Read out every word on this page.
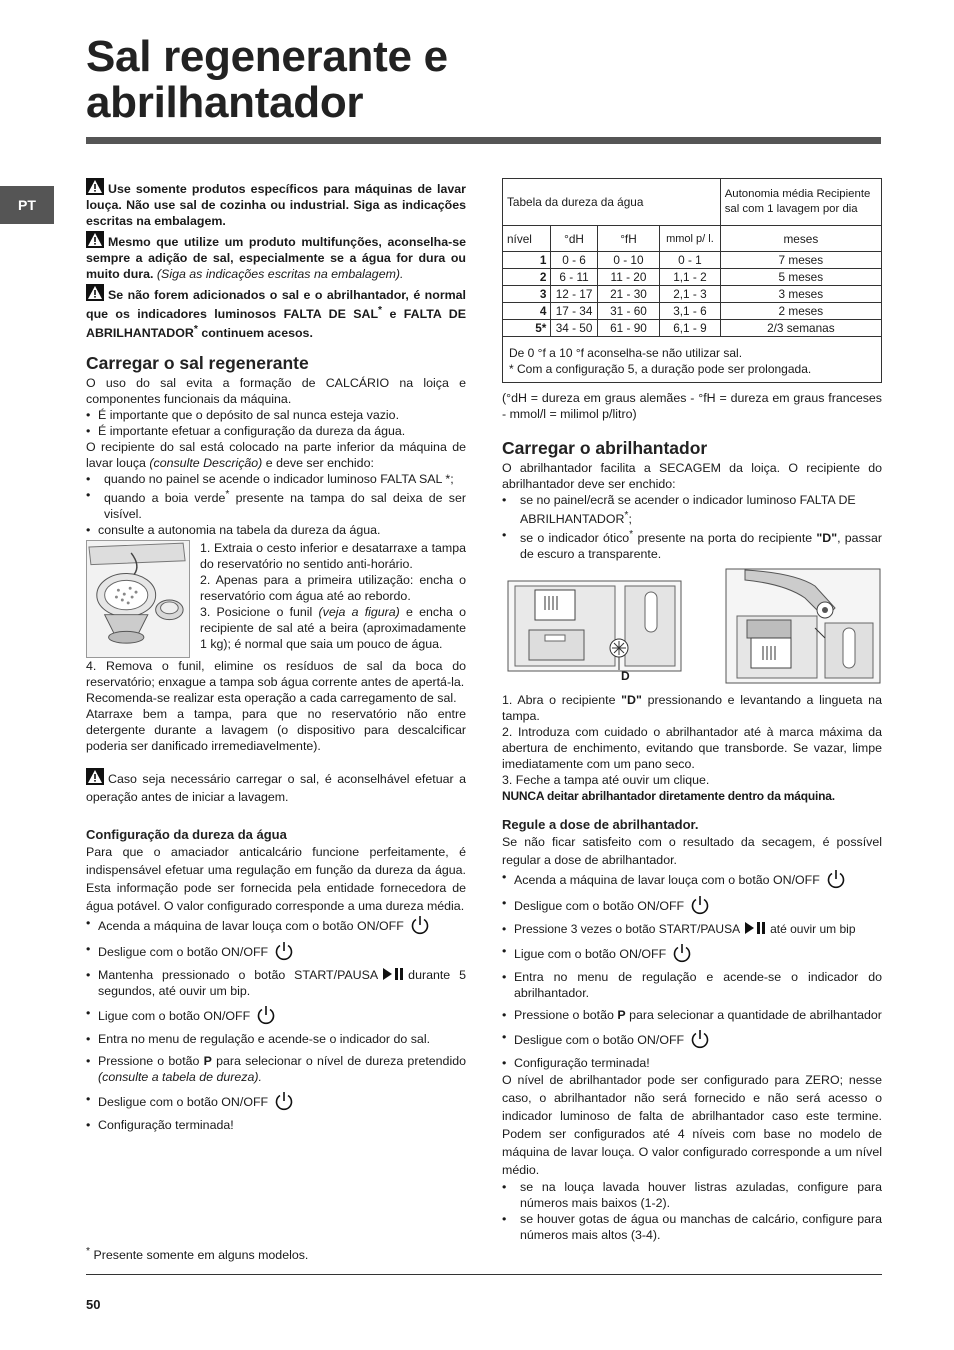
Sal regenerante e
abrilhantador
PT

Use somente produtos específicos para máquinas de lavar louça. Não use sal de cozinha ou industrial. Siga as indicações escritas na embalagem.

Mesmo que utilize um produto multifunções, aconselha-se sempre a adição de sal, especialmente se a água for dura ou muito dura. (Siga as indicações escritas na embalagem).

Se não forem adicionados o sal e o abrilhantador, é normal que os indicadores luminosos FALTA DE SAL* e FALTA DE ABRILHANTADOR* continuem acesos.

Carregar o sal regenerante

O uso do sal evita a formação de CALCÁRIO na loiça e componentes funcionais da máquina.

• É importante que o depósito de sal nunca esteja vazio.
• É importante efetuar a configuração da dureza da água.

O recipiente do sal está colocado na parte inferior da máquina de lavar louça (consulte Descrição) e deve ser enchido:

• quando no painel se acende o indicador luminoso FALTA SAL *;
• quando a boia verde* presente na tampa do sal deixa de ser visível.
• consulte a autonomia na tabela da dureza da água.

1. Extraia o cesto inferior e desatarraxe a tampa do reservatório no sentido anti-horário.

2. Apenas para a primeira utilização: encha o reservatório com água até ao rebordo.

3. Posicione o funil (veja a figura) e encha o recipiente de sal até a beira (aproximadamente 1 kg); é normal que saia um pouco de água.

4. Remova o funil, elimine os resíduos de sal da boca do reservatório; enxague a tampa sob água corrente antes de apertá-la.

Recomenda-se realizar esta operação a cada carregamento de sal.

Atarraxe bem a tampa, para que no reservatório não entre detergente durante a lavagem (o dispositivo para descalcificar poderia ser danificado irremediavelmente).

Caso seja necessário carregar o sal, é aconselhável efetuar a operação antes de iniciar a lavagem.

Configuração da dureza da água

Para que o amaciador anticalcário funcione perfeitamente, é indispensável efetuar uma regulação em função da dureza da água. Esta informação pode ser fornecida pela entidade fornecedora de água potável. O valor configurado corresponde a uma dureza média.

• Acenda a máquina de lavar louça com o botão ON/OFF
• Desligue com o botão ON/OFF
• Mantenha pressionado o botão START/PAUSA durante 5 segundos, até ouvir um bip.
• Ligue com o botão ON/OFF
• Entra no menu de regulação e acende-se o indicador do sal.
• Pressione o botão P para selecionar o nível de dureza pretendido (consulte a tabela de dureza).
• Desligue com o botão ON/OFF
• Configuração terminada!
Tabela da dureza da água				Autonomia média Recipiente sal com 1 lavagem por dia
nível	°dH	°fH	mmol p/ l.	meses
1	0 - 6	0 - 10	0 - 1	7 meses
2	6 - 11	11 - 20	1,1 - 2	5 meses
3	12 - 17	21 - 30	2,1 - 3	3 meses
4	17 - 34	31 - 60	3,1 - 6	2 meses
5*	34 - 50	61 - 90	6,1 - 9	2/3 semanas
De 0 °f a 10 °f aconselha-se não utilizar sal.
* Com a configuração 5, a duração pode ser prolongada.

(°dH = dureza em graus alemães - °fH = dureza em graus franceses - mmol/l = milimol p/litro)

Carregar o abrilhantador

O abrilhantador facilita a SECAGEM da loiça. O recipiente do abrilhantador deve ser enchido:

• se no painel/ecrã se acender o indicador luminoso FALTA DE ABRILHANTADOR*;
• se o indicador ótico* presente na porta do recipiente "D", passar de escuro a transparente.
D

1. Abra o recipiente "D" pressionando e levantando a lingueta na tampa.

2. Introduza com cuidado o abrilhantador até à marca máxima da abertura de enchimento, evitando que transborde. Se vazar, limpe imediatamente com um pano seco.

3. Feche a tampa até ouvir um clique.

NUNCA deitar abrilhantador diretamente dentro da máquina.

Regule a dose de abrilhantador.

Se não ficar satisfeito com o resultado da secagem, é possível regular a dose de abrilhantador.

• Acenda a máquina de lavar louça com o botão ON/OFF
• Desligue com o botão ON/OFF
• Pressione 3 vezes o botão START/PAUSA	até ouvir um bip
• Ligue com o botão ON/OFF
• Entra no menu de regulação e acende-se o indicador do abrilhantador.
• Pressione o botão P para selecionar a quantidade de abrilhantador
• Desligue com o botão ON/OFF
• Configuração terminada!

O nível de abrilhantador pode ser configurado para ZERO; nesse caso, o abrilhantador não será fornecido e não será acesso o indicador luminoso de falta de abrilhantador caso este termine. Podem ser configurados até 4 níveis com base no modelo de máquina de lavar louça. O valor configurado corresponde a um nível médio.

• se na louça lavada houver listras azuladas, configure para números mais baixos (1-2).
• se houver gotas de água ou manchas de calcário, configure para números mais altos (3-4).
* Presente somente em alguns modelos.
50
